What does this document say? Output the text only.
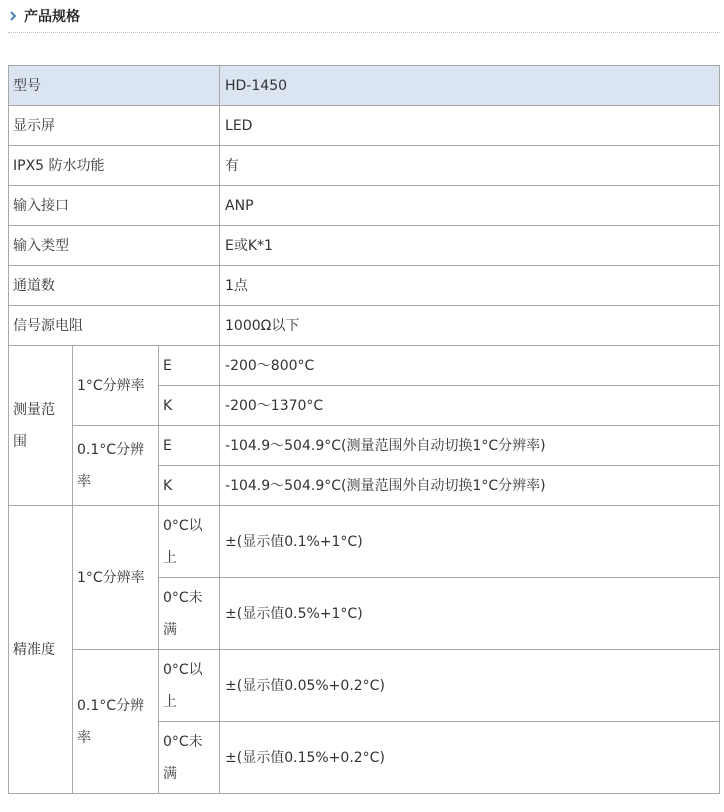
产品规格
型号			HD-1450
显示屏			LED
IPX5 防水功能			有
输入接口			ANP
输入类型			E或K*1
通道数			1点
信号源电阻			1000Ω以下
测量范围	1°C分辨率	E	-200～800°C
		K	-200～1370°C
	0.1°C分辨率	E	-104.9～504.9°C(测量范围外自动切换1°C分辨率)
		K	-104.9～504.9°C(测量范围外自动切换1°C分辨率)
精准度	1°C分辨率	0°C以上	±(显示值0.1%+1°C)
		0°C未满	±(显示值0.5%+1°C)
	0.1°C分辨率	0°C以上	±(显示值0.05%+0.2°C)
		0°C未满	±(显示值0.15%+0.2°C)
